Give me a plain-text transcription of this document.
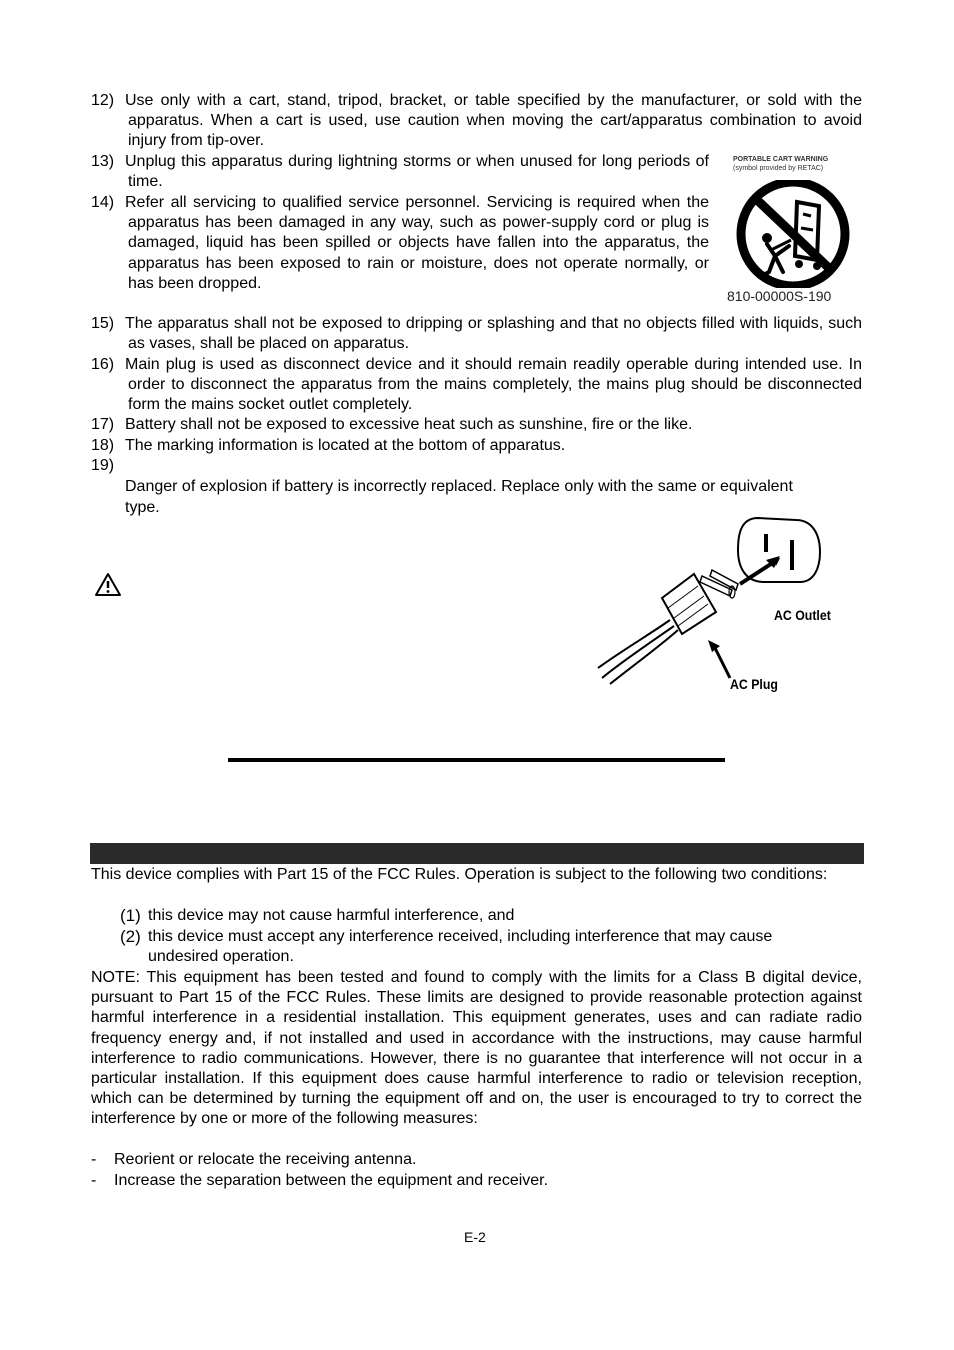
12) Use only with a cart, stand, tripod, bracket, or table specified by the manufacturer, or sold with the apparatus. When a cart is used, use caution when moving the cart/apparatus combination to avoid injury from tip-over.
13) Unplug this apparatus during lightning storms or when unused for long periods of time.
14) Refer all servicing to qualified service personnel. Servicing is required when the apparatus has been damaged in any way, such as power-supply cord or plug is damaged, liquid has been spilled or objects have fallen into the apparatus, the apparatus has been exposed to rain or moisture, does not operate normally, or has been dropped.
PORTABLE CART WARNING
(symbol provided by RETAC)
810-00000S-190
15) The apparatus shall not be exposed to dripping or splashing and that no objects filled with liquids, such as vases, shall be placed on apparatus.
16) Main plug is used as disconnect device and it should remain readily operable during intended use. In order to disconnect the apparatus from the mains completely, the mains plug should be disconnected form the mains socket outlet completely.
17) Battery shall not be exposed to excessive heat such as sunshine, fire or the like.
18) The marking information is located at the bottom of apparatus.
19)
Danger of explosion if battery is incorrectly replaced. Replace only with the same or equivalent type.
AC Outlet
AC Plug
This device complies with Part 15 of the FCC Rules. Operation is subject to the following two conditions:
(1) this device may not cause harmful interference, and
(2) this device must accept any interference received, including interference that may cause undesired operation.
NOTE: This equipment has been tested and found to comply with the limits for a Class B digital device, pursuant to Part 15 of the FCC Rules. These limits are designed to provide reasonable protection against harmful interference in a residential installation. This equipment generates, uses and can radiate radio frequency energy and, if not installed and used in accordance with the instructions, may cause harmful interference to radio communications. However, there is no guarantee that interference will not occur in a particular installation. If this equipment does cause harmful interference to radio or television reception, which can be determined by turning the equipment off and on, the user is encouraged to try to correct the interference by one or more of the following measures:
- Reorient or relocate the receiving antenna.
- Increase the separation between the equipment and receiver.
E-2
